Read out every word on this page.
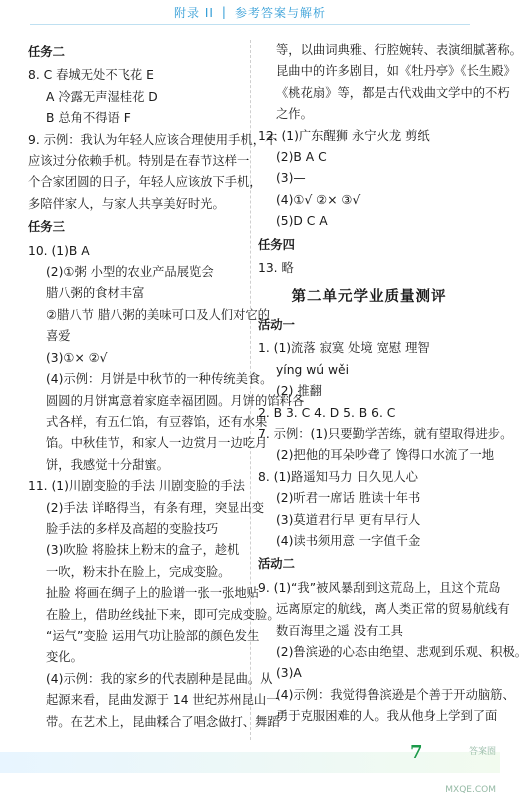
附录 II | 参考答案与解析
任务二
8. C 春城无处不飞花 E
A 冷露无声湿桂花 D
B 总角不得语 F
9. 示例：我认为年轻人应该合理使用手机，不
应该过分依赖手机。特别是在春节这样一
个合家团圆的日子，年轻人应该放下手机，
多陪伴家人，与家人共享美好时光。
任务三
10. (1)B A
(2)①粥 小型的农业产品展览会
腊八粥的食材丰富
②腊八节 腊八粥的美味可口及人们对它的
喜爱
(3)①× ②√
(4)示例：月饼是中秋节的一种传统美食。
圆圆的月饼寓意着家庭幸福团圆。月饼的馅料各
式各样，有五仁馅，有豆蓉馅，还有水果
馅。中秋佳节，和家人一边赏月一边吃月
饼，我感觉十分甜蜜。
11. (1)川剧变脸的手法 川剧变脸的手法
(2)手法 详略得当，有条有理，突显出变
脸手法的多样及高超的变脸技巧
(3)吹脸 将脸抹上粉末的盒子，趁机
一吹，粉末扑在脸上，完成变脸。
扯脸 将画在绸子上的脸谱一张一张地贴
在脸上，借助丝线扯下来，即可完成变脸。
“运气”变脸 运用气功让脸部的颜色发生
变化。
(4)示例：我的家乡的代表剧种是昆曲。从
起源来看，昆曲发源于 14 世纪苏州昆山一
带。在艺术上，昆曲糅合了唱念做打、舞蹈
等，以曲词典雅、行腔婉转、表演细腻著称。
昆曲中的许多剧目，如《牡丹亭》《长生殿》
《桃花扇》等，都是古代戏曲文学中的不朽
之作。
12. (1)广东醒狮 永宁火龙 剪纸
(2)B A C
(3)—
(4)①√ ②× ③√
(5)D C A
任务四
13. 略
第二单元学业质量测评
活动一
1. (1)流落 寂寞 处境 宽慰 理智
yíng wú wěi
(2) 推翻
2. B 3. C 4. D 5. B 6. C
7. 示例：(1)只要勤学苦练，就有望取得进步。
(2)把他的耳朵吵聋了 馋得口水流了一地
8. (1)路遥知马力 日久见人心
(2)听君一席话 胜读十年书
(3)莫道君行早 更有早行人
(4)读书须用意 一字值千金
活动二
9. (1)“我”被风暴刮到这荒岛上，且这个荒岛
远离原定的航线，离人类正常的贸易航线有
数百海里之遥 没有工具
(2)鲁滨逊的心态由绝望、悲观到乐观、积极。
(3)A
(4)示例：我觉得鲁滨逊是个善于开动脑筋、
勇于克服困难的人。我从他身上学到了面
7	答案圈 MXQE.COM
